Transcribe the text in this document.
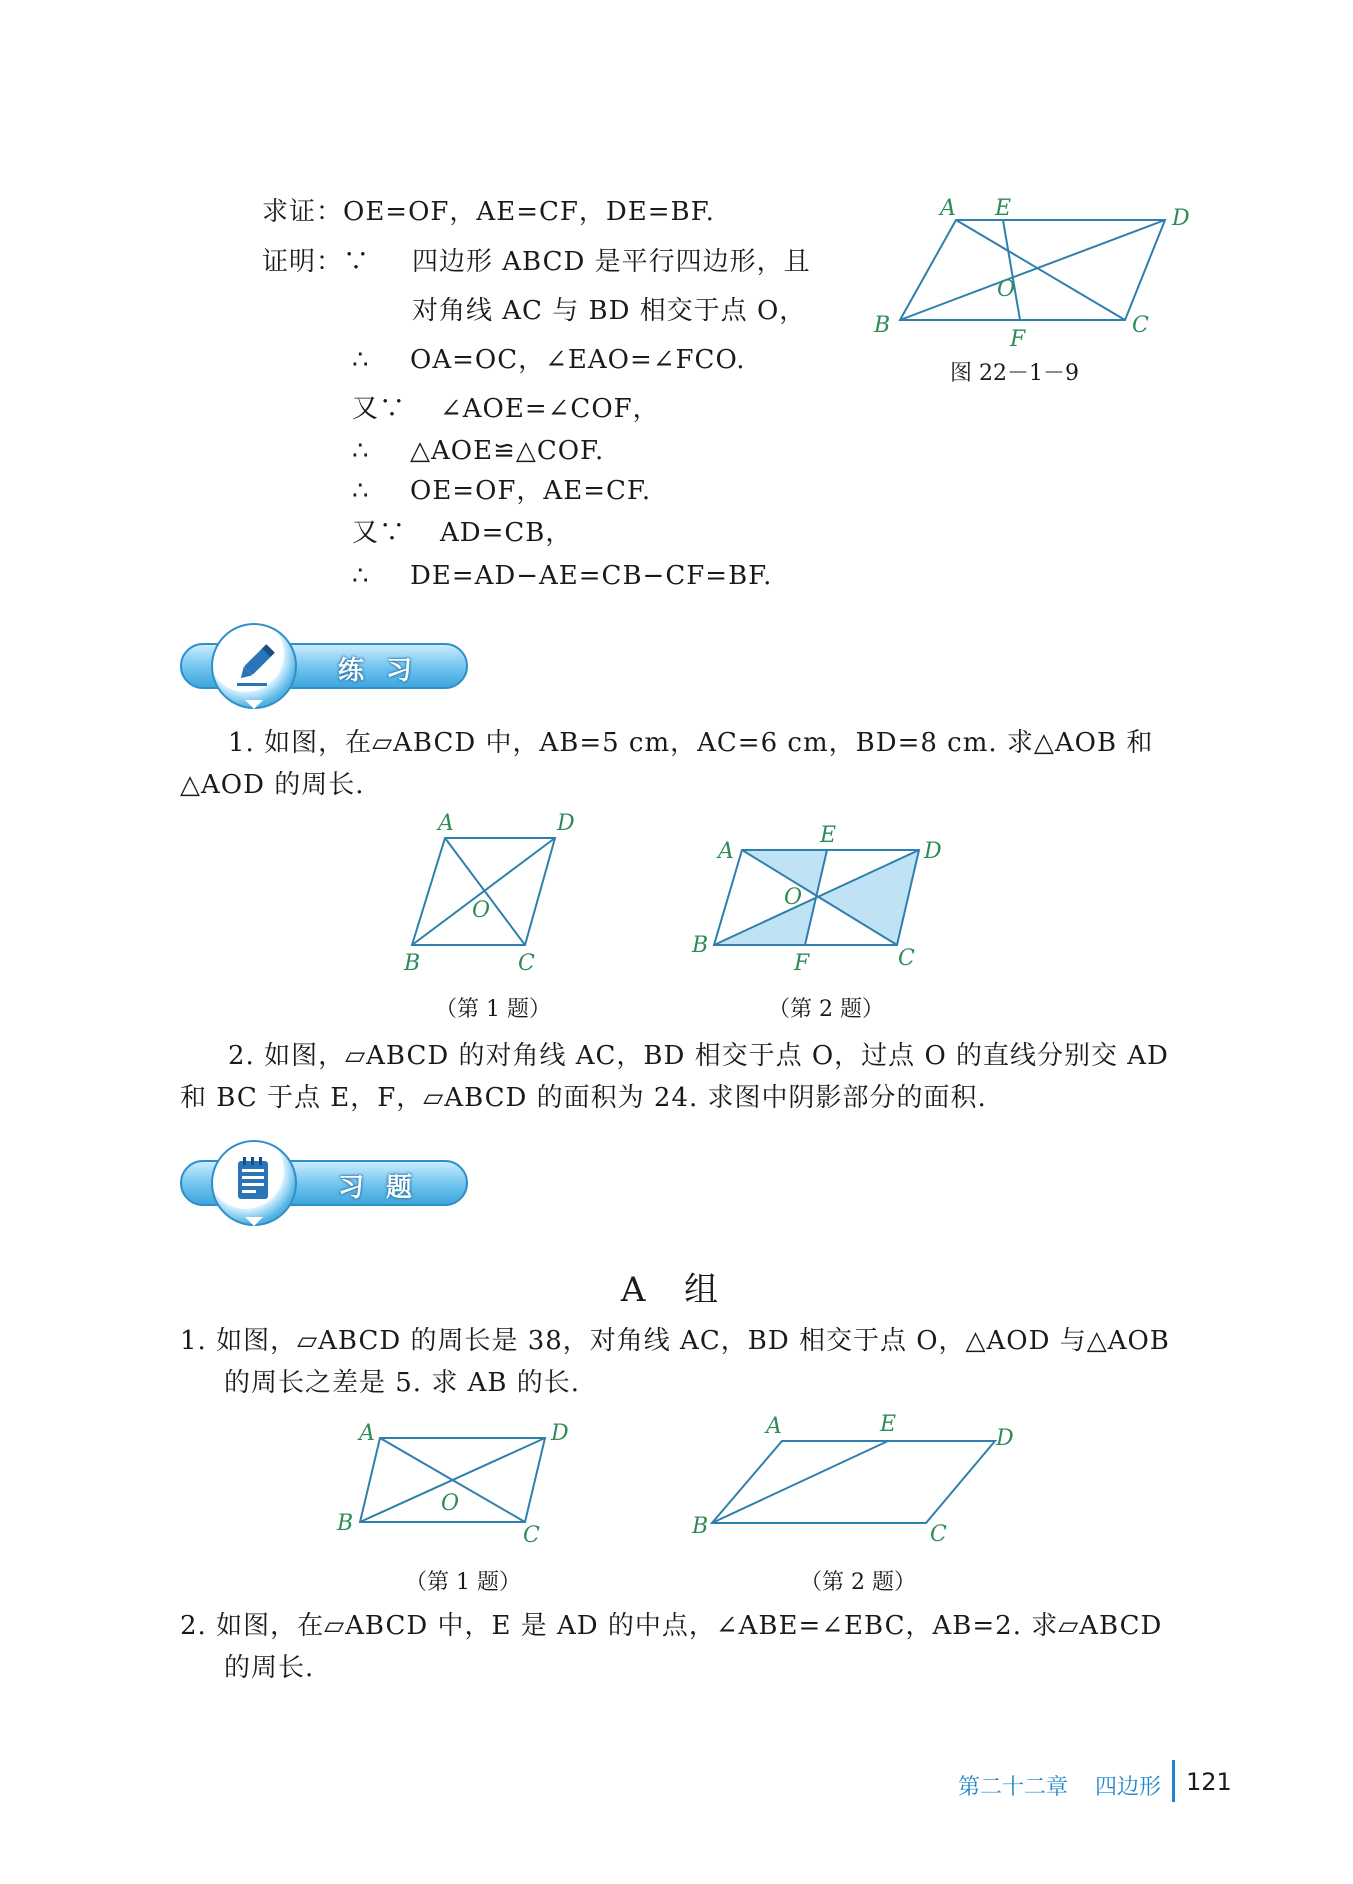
求证：OE=OF，AE=CF，DE=BF.
证明：∵ 四边形 ABCD 是平行四边形，且
对角线 AC 与 BD 相交于点 O，
∴ OA=OC，∠EAO=∠FCO.
又∵ ∠AOE=∠COF，
∴ △AOE≌△COF.
∴ OE=OF，AE=CF.
又∵ AD=CB，
∴ DE=AD−AE=CB−CF=BF.
A E	D
O
B
F
C
图 22－1－9
练习
1. 如图，在▱ABCD 中，AB=5 cm，AC=6 cm，BD=8 cm. 求△AOB 和△AOD 的周长.
A	D
O
B	C
（第 1 题）
A
E
D
O
B
F	C
（第 2 题）
2. 如图，▱ABCD 的对角线 AC，BD 相交于点 O，过点 O 的直线分别交 AD 和 BC 于点 E，F，▱ABCD 的面积为 24. 求图中阴影部分的面积.
习题
A 组
1. 如图，▱ABCD 的周长是 38，对角线 AC，BD 相交于点 O，△AOD 与△AOB 的周长之差是 5. 求 AB 的长.
A	D
O
B	C
（第 1 题）
A	E
D
B	C
（第 2 题）
2. 如图，在▱ABCD 中，E 是 AD 的中点，∠ABE=∠EBC，AB=2. 求▱ABCD 的周长.
第二十二章 四边形 121
